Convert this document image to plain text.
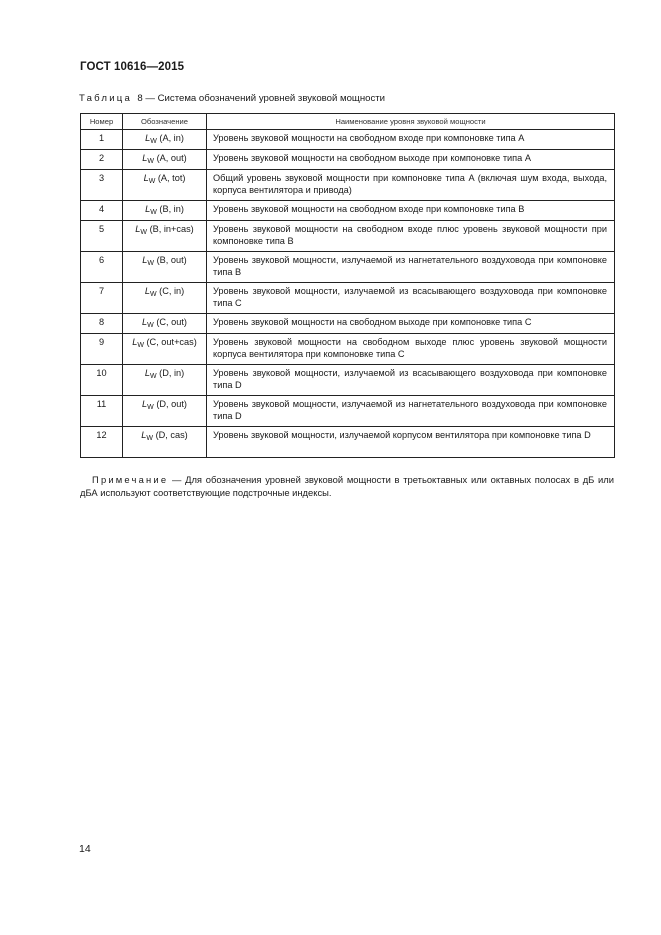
ГОСТ 10616—2015
Таблица 8 — Система обозначений уровней звуковой мощности
Номер	Обозначение	Наименование уровня звуковой мощности
1	$L_W$ (A, in)	Уровень звуковой мощности на свободном входе при компоновке типа A
2	$L_W$ (A, out)	Уровень звуковой мощности на свободном выходе при компоновке типа A
3	$L_W$ (A, tot)	Общий уровень звуковой мощности при компоновке типа A (включая шум входа, выхода, корпуса вентилятора и привода)
4	$L_W$ (B, in)	Уровень звуковой мощности на свободном входе при компоновке типа B
5	$L_W$ (B, in+cas)	Уровень звуковой мощности на свободном входе плюс уровень звуковой мощности при компоновке типа B
6	$L_W$ (B, out)	Уровень звуковой мощности, излучаемой из нагнетательного воздуховода при компоновке типа B
7	$L_W$ (C, in)	Уровень звуковой мощности, излучаемой из всасывающего воздуховода при компоновке типа C
8	$L_W$ (C, out)	Уровень звуковой мощности на свободном выходе при компоновке типа C
9	$L_W$ (C, out+cas)	Уровень звуковой мощности на свободном выходе плюс уровень звуковой мощности корпуса вентилятора при компоновке типа C
10	$L_W$ (D, in)	Уровень звуковой мощности, излучаемой из всасывающего воздуховода при компоновке типа D
11	$L_W$ (D, out)	Уровень звуковой мощности, излучаемой из нагнетательного воздуховода при компоновке типа D
12	$L_W$ (D, cas)	Уровень звуковой мощности, излучаемой корпусом вентилятора при компоновке типа D
Примечание — Для обозначения уровней звуковой мощности в третьоктавных или октавных полосах в дБ или дБА используют соответствующие подстрочные индексы.
14
